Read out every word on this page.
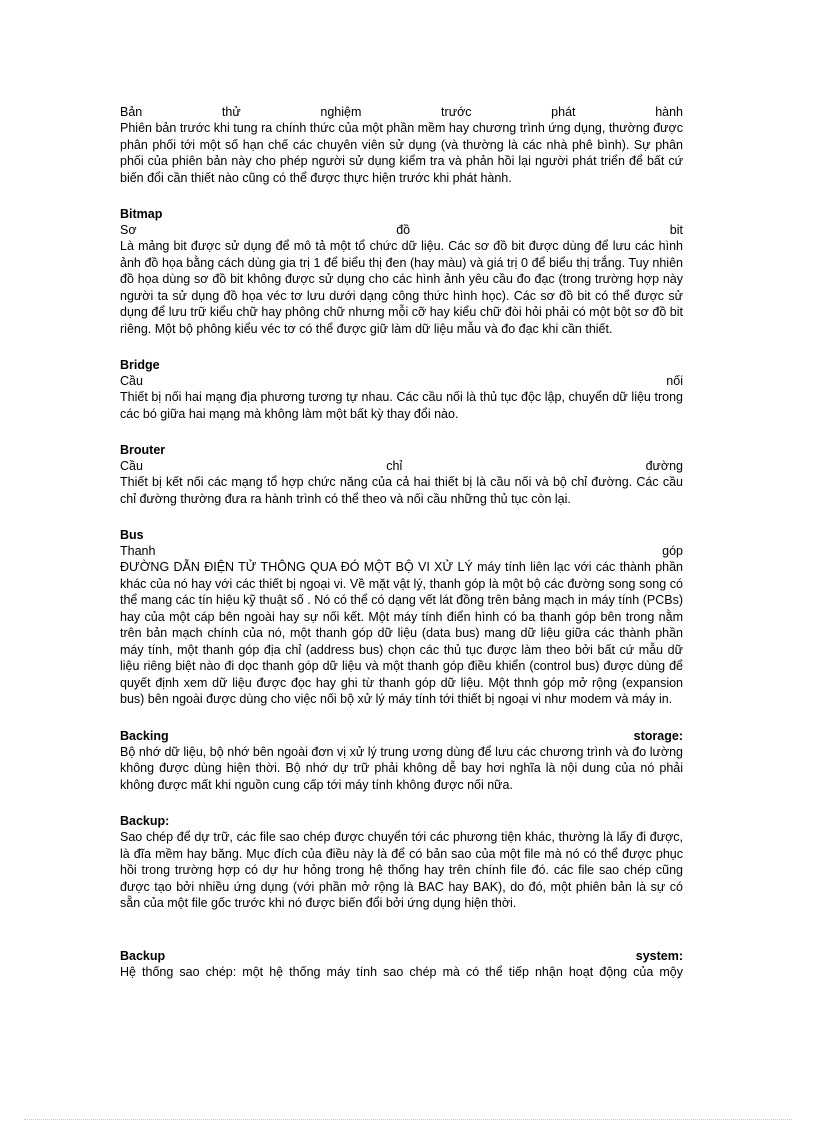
Bản thử nghiệm trước phát hành

Phiên bản trước khi tung ra chính thức của một phần mềm hay chương trình ứng dụng, thường được phân phối tới một số hạn chế các chuyên viên sử dụng (và thường là các nhà phê bình). Sự phân phối của phiên bản này cho phép người sử dụng kiểm tra và phản hồi lại người phát triển để bất cứ biến đổi cần thiết nào cũng có thể được thực hiện trước khi phát hành.

Bitmap
Sơ đồ bit

Là mảng bit được sử dụng để mô tả một tổ chức dữ liệu. Các sơ đồ bit được dùng để lưu các hình ảnh đồ họa bằng cách dùng gia trị 1 để biểu thị đen (hay màu) và giá trị 0 để biểu thị trắng. Tuy nhiên đồ họa dùng sơ đồ bit không được sử dụng cho các hình ảnh yêu cầu đo đạc (trong trường hợp này người ta sử dụng đồ họa véc tơ lưu dưới dạng công thức hình học). Các sơ đồ bit có thể được sử dụng để lưu trữ kiểu chữ hay phông chữ nhưng mỗi cỡ hay kiểu chữ đòi hỏi phải có một bột sơ đồ bit riêng. Một bộ phông kiểu véc tơ có thể được giữ làm dữ liệu mẫu và đo đạc khi cần thiết.

Bridge
Cầu nối

Thiết bị nối hai mạng địa phương tương tự nhau. Các cầu nối là thủ tục độc lập, chuyển dữ liệu trong các bó giữa hai mạng mà không làm một bất kỳ thay đổi nào.

Brouter
Cầu chỉ đường

Thiết bị kết nối các mạng tổ hợp chức năng của cả hai thiết bị là cầu nối và bộ chỉ đường. Các cầu chỉ đường thường đưa ra hành trình có thể theo và nối cầu những thủ tục còn lại.

Bus
Thanh góp

ĐƯỜNG DẪN ĐIỆN TỬ THÔNG QUA ĐÓ MỘT BỘ VI XỬ LÝ máy tính liên lạc với các thành phần khác của nó hay với các thiết bị ngoại vi. Về mặt vật lý, thanh góp là một bộ các đường song song có thể mang các tín hiệu kỹ thuật số . Nó có thể có dạng vết lát đồng trên bảng mạch in máy tính (PCBs) hay của một cáp bên ngoài hay sự nối kết. Một máy tính điển hình có ba thanh góp bên trong nằm trên bản mạch chính của nó, một thanh góp dữ liệu (data bus) mang dữ liệu giữa các thành phần máy tính, một thanh góp địa chỉ (address bus) chọn các thủ tục được làm theo bởi bất cứ mẫu dữ liệu riêng biệt nào đi dọc thanh góp dữ liệu và một thanh góp điều khiển (control bus) được dùng để quyết định xem dữ liệu được đọc hay ghi từ thanh góp dữ liệu. Một thnh góp mở rộng (expansion bus) bên ngoài được dùng cho việc nối bộ xử lý máy tính tới thiết bị ngoại vi như modem và máy in.

Backing	storage:

Bộ nhớ dữ liệu, bộ nhớ bên ngoài đơn vị xử lý trung ương dùng để lưu các chương trình và đo lường không được dùng hiện thời. Bộ nhớ dự trữ phải không dễ bay hơi nghĩa là nội dung của nó phải không được mất khi nguồn cung cấp tới máy tính không được nối nữa.

Backup:

Sao chép để dự trữ, các file sao chép được chuyển tới các phương tiện khác, thường là lấy đi được, là đĩa mềm hay băng. Mục đích của điều này là để có bản sao của một file mà nó có thể được phục hồi trong trường hợp có dự hư hỏng trong hệ thống hay trên chính file đó. các file sao chép cũng được tạo bởi nhiều ứng dụng (với phần mở rộng là BAC hay BAK), do đó, một phiên bản là sự có sẵn của một file gốc trước khi nó được biến đổi bởi ứng dụng hiện thời.

Backup	system:

Hệ thống sao chép: một hệ thống máy tính sao chép mà có thể tiếp nhận hoạt động của mộy
